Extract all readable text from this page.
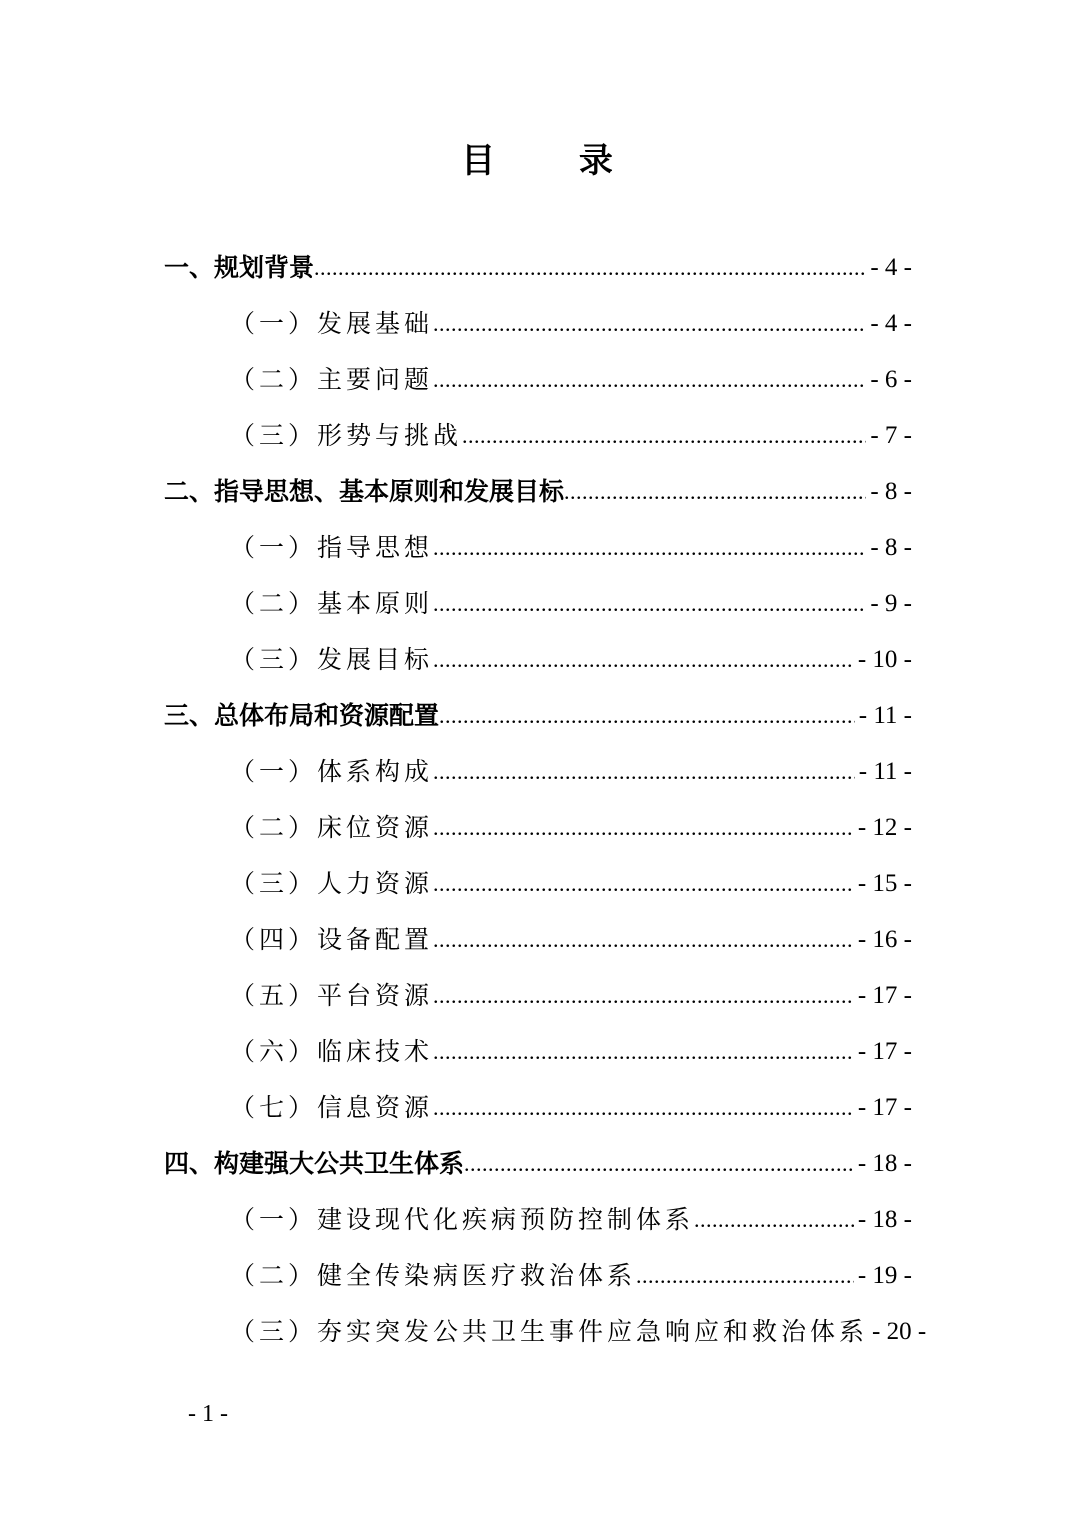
目 录
一、规划背景 .....	- 4 -
（一）发展基础 .....	- 4 -
（二）主要问题 .....	- 6 -
（三）形势与挑战 .....	- 7 -
二、指导思想、基本原则和发展目标 .....	- 8 -
（一）指导思想 .....	- 8 -
（二）基本原则 .....	- 9 -
（三）发展目标 .....	- 10 -
三、总体布局和资源配置 .....	- 11 -
（一）体系构成 .....	- 11 -
（二）床位资源 .....	- 12 -
（三）人力资源 .....	- 15 -
（四）设备配置 .....	- 16 -
（五）平台资源 .....	- 17 -
（六）临床技术 .....	- 17 -
（七）信息资源 .....	- 17 -
四、构建强大公共卫生体系 .....	- 18 -
（一）建设现代化疾病预防控制体系 .....	- 18 -
（二）健全传染病医疗救治体系 .....	- 19 -
（三）夯实突发公共卫生事件应急响应和救治体系 - 20 -
- 1 -
